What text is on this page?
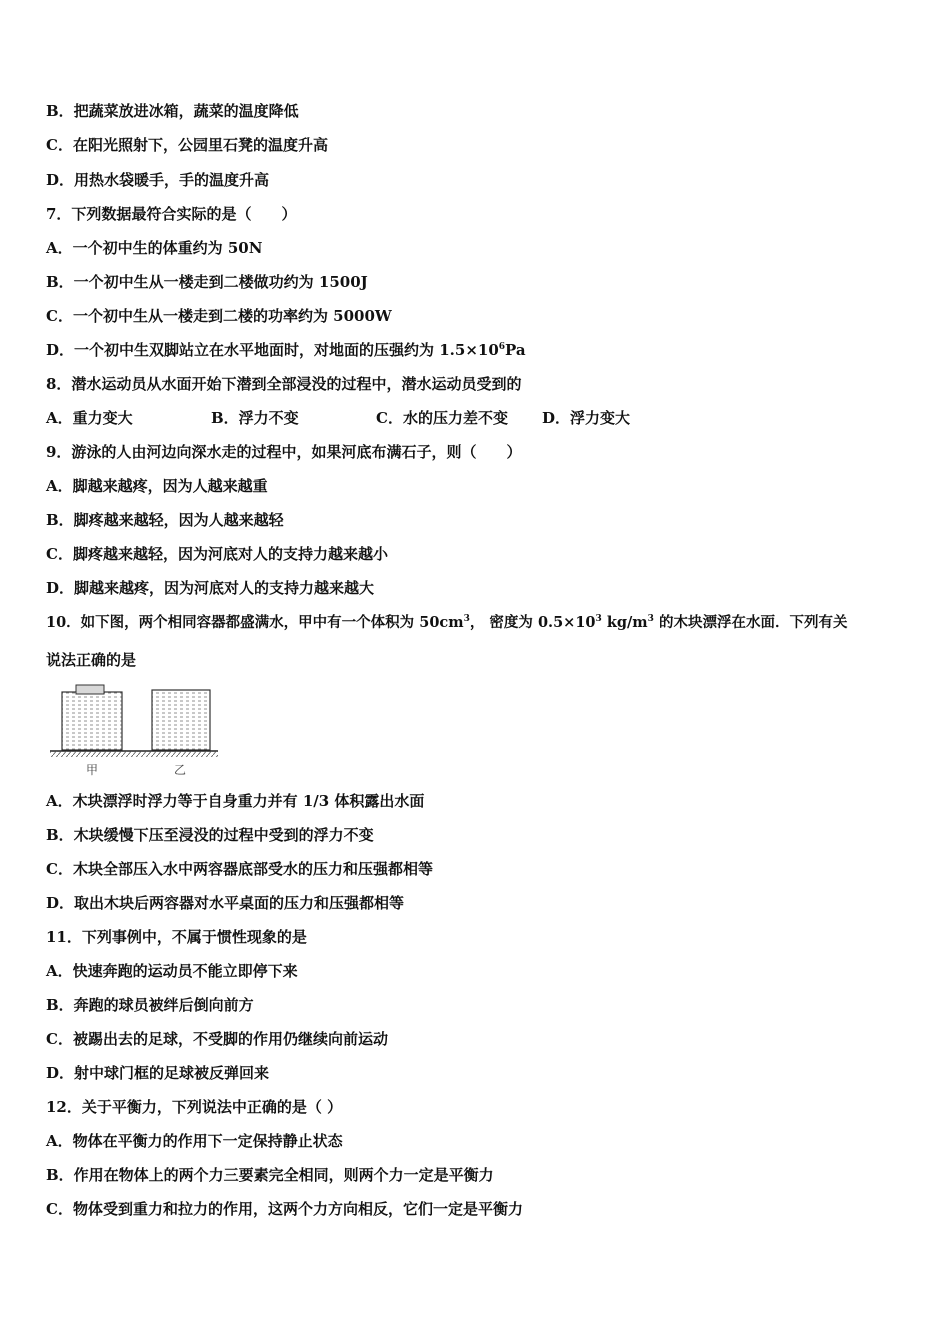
B．把蔬菜放进冰箱，蔬菜的温度降低
C．在阳光照射下，公园里石凳的温度升高
D．用热水袋暖手，手的温度升高
7．下列数据最符合实际的是（　　）
A．一个初中生的体重约为 50N
B．一个初中生从一楼走到二楼做功约为 1500J
C．一个初中生从一楼走到二楼的功率约为 5000W
D．一个初中生双脚站立在水平地面时，对地面的压强约为 $1.5\times 10^6Pa$
8．潜水运动员从水面开始下潜到全部浸没的过程中，潜水运动员受到的
A．重力变大	B．浮力不变	C．水的压力差不变 D．浮力变大
9．游泳的人由河边向深水走的过程中，如果河底布满石子，则（　　）
A．脚越来越疼，因为人越来越重
B．脚疼越来越轻，因为人越来越轻
C．脚疼越来越轻，因为河底对人的支持力越来越小
D．脚越来越疼，因为河底对人的支持力越来越大
10．如下图，两个相同容器都盛满水，甲中有一个体积为 $50cm^3$， 密度为 $0.5\times 10^3$ $kg/m^3$ 的木块漂浮在水面．下列有关
说法正确的是
甲	乙
A．木块漂浮时浮力等于自身重力并有 1/3 体积露出水面
B．木块缓慢下压至浸没的过程中受到的浮力不变
C．木块全部压入水中两容器底部受水的压力和压强都相等
D．取出木块后两容器对水平桌面的压力和压强都相等
11．下列事例中，不属于惯性现象的是
A．快速奔跑的运动员不能立即停下来
B．奔跑的球员被绊后倒向前方
C．被踢出去的足球，不受脚的作用仍继续向前运动
D．射中球门框的足球被反弹回来
12．关于平衡力，下列说法中正确的是（ ）
A．物体在平衡力的作用下一定保持静止状态
B．作用在物体上的两个力三要素完全相同，则两个力一定是平衡力
C．物体受到重力和拉力的作用，这两个力方向相反，它们一定是平衡力
